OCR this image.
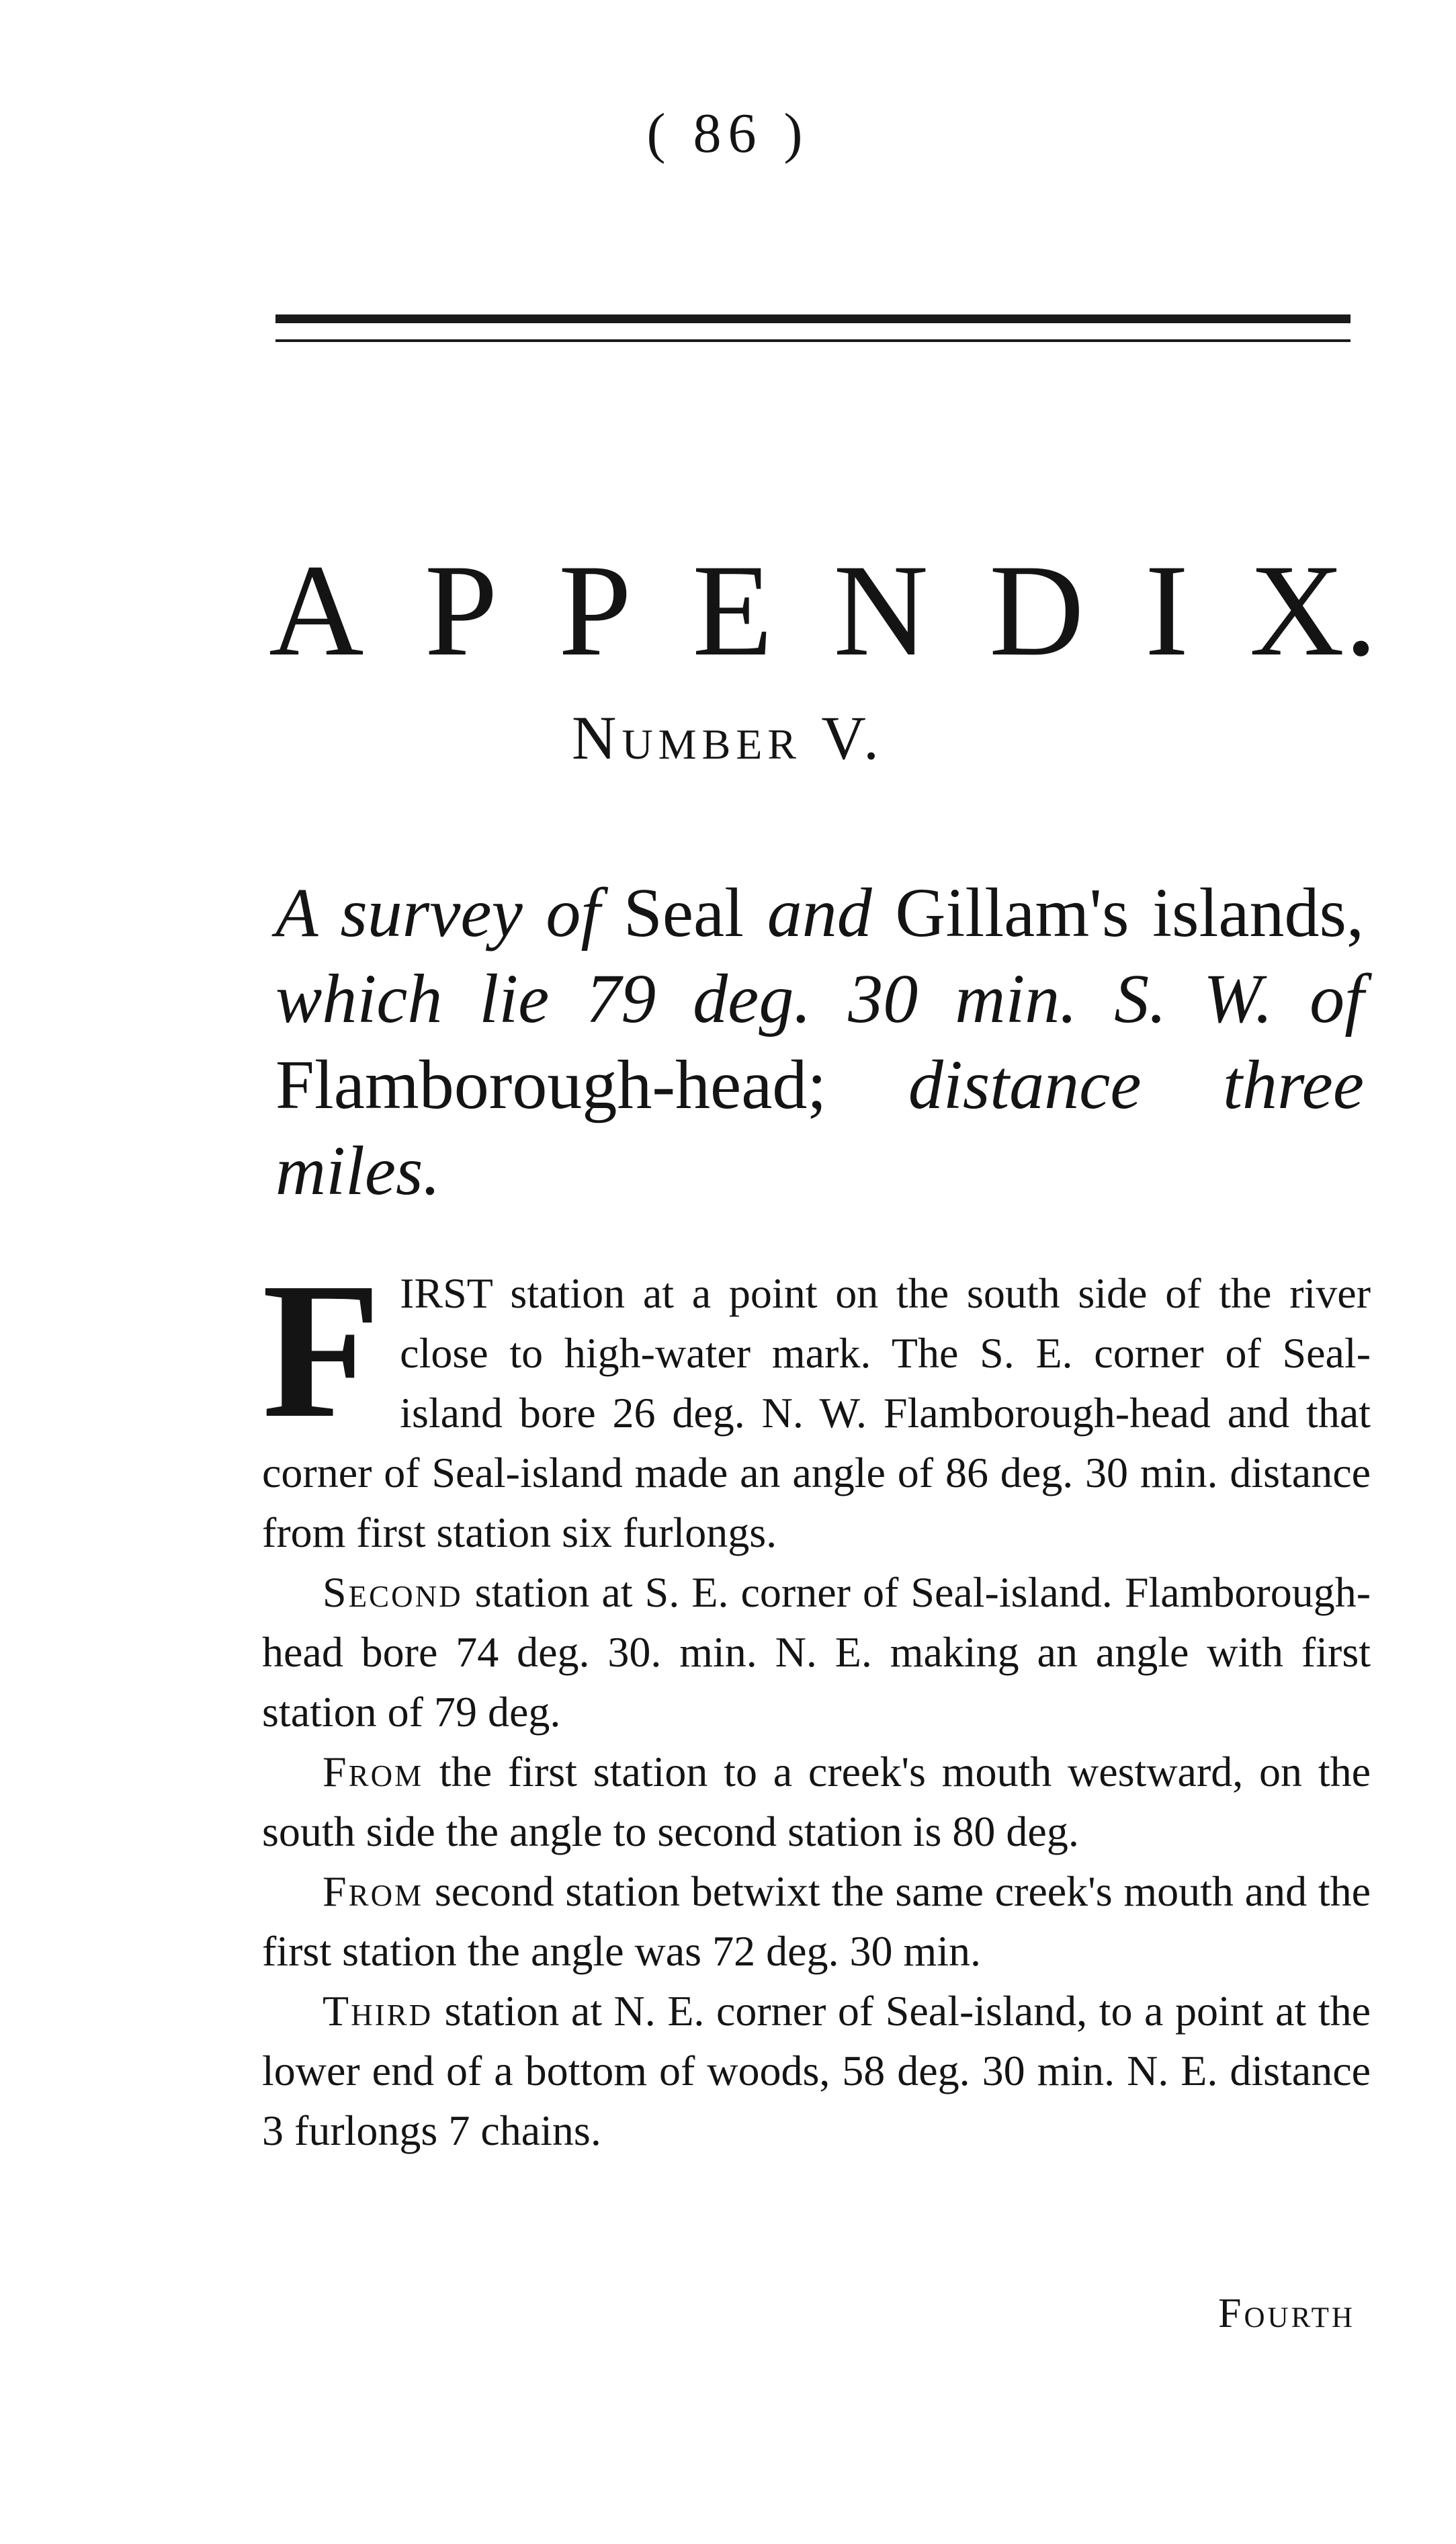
( 86 )
A P P E N D I X.
Number V.
A survey of Seal and Gillam's islands, which lie 79 deg. 30 min. S. W. of Flamborough-head; distance three miles.

FIRST station at a point on the south side of the river close to high-water mark. The S. E. corner of Seal-island bore 26 deg. N. W. Flamborough-head and that corner of Seal-island made an angle of 86 deg. 30 min. distance from first station six furlongs.

Second station at S. E. corner of Seal-island. Flamborough-head bore 74 deg. 30. min. N. E. making an angle with first station of 79 deg.

From the first station to a creek's mouth westward, on the south side the angle to second station is 80 deg.

From second station betwixt the same creek's mouth and the first station the angle was 72 deg. 30 min.

Third station at N. E. corner of Seal-island, to a point at the lower end of a bottom of woods, 58 deg. 30 min. N. E. distance 3 furlongs 7 chains.

Fourth
